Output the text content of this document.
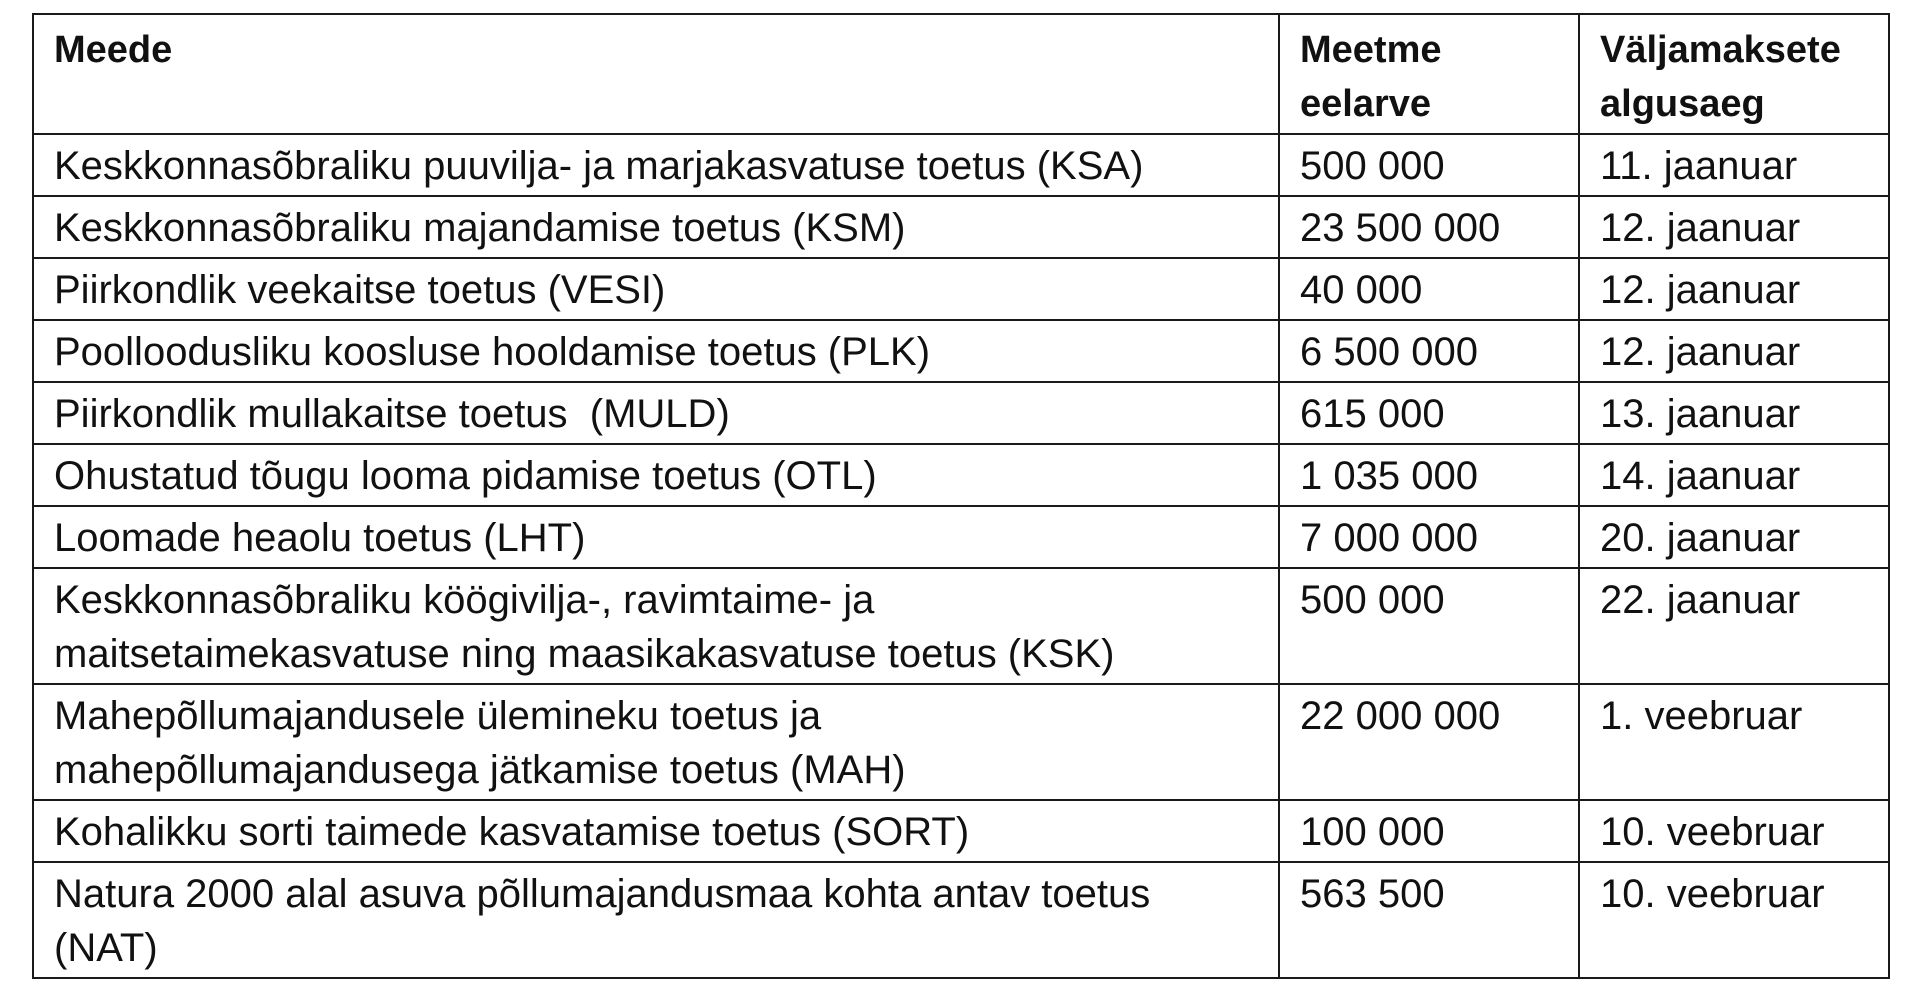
Meede	Meetme eelarve	Väljamaksete algusaeg

Keskkonnasõbraliku puuvilja- ja marjakasvatuse toetus (KSA)	500 000	11. jaanuar
Keskkonnasõbraliku majandamise toetus (KSM)	23 500 000	12. jaanuar
Piirkondlik veekaitse toetus (VESI)	40 000	12. jaanuar
Poolloodusliku koosluse hooldamise toetus (PLK)	6 500 000	12. jaanuar
Piirkondlik mullakaitse toetus  (MULD)	615 000	13. jaanuar
Ohustatud tõugu looma pidamise toetus (OTL)	1 035 000	14. jaanuar
Loomade heaolu toetus (LHT)	7 000 000	20. jaanuar

Keskkonnasõbraliku köögivilja-, ravimtaime- ja maitsetaimekasvatuse ning maasikakasvatuse toetus (KSK)	500 000	22. jaanuar

Mahepõllumajandusele ülemineku toetus ja mahepõllumajandusega jätkamise toetus (MAH)	22 000 000	1. veebruar
Kohalikku sorti taimede kasvatamise toetus (SORT)	100 000	10. veebruar

Natura 2000 alal asuva põllumajandusmaa kohta antav toetus (NAT)	563 500	10. veebruar
